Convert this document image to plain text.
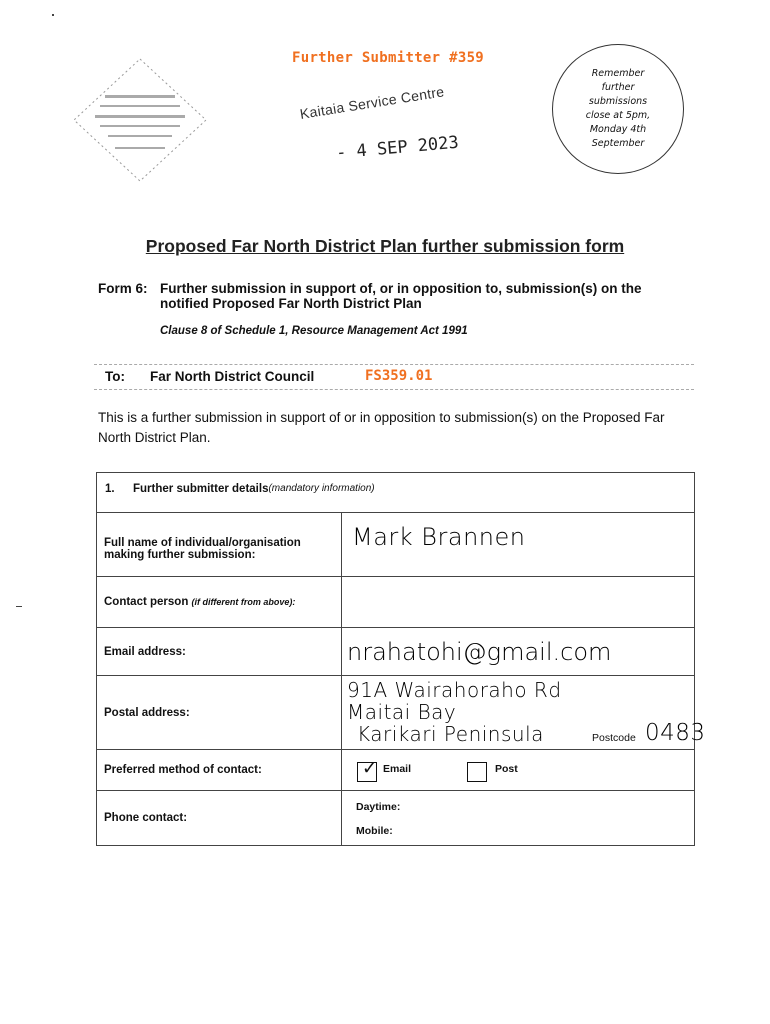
Further Submitter #359
Remember further submissions close at 5pm, Monday 4th September
Kaitaia Service Centre
- 4 SEP 2023
Proposed Far North District Plan further submission form
Form 6: Further submission in support of, or in opposition to, submission(s) on the
notified Proposed Far North District Plan
Clause 8 of Schedule 1, Resource Management Act 1991
To: Far North District Council	FS359.01
This is a further submission in support of or in opposition to submission(s) on the Proposed Far North District Plan.
1.	Further submitter details (mandatory information)
Full name of individual/organisation making further submission:
Mark Brannen
Contact person
(if different from above):
Email address:	nrahatohi@gmail.com
Postal address:
91A Wairahoraho Rd
Maitai Bay
Karikari Peninsula	Postcode 0483
Preferred method of contact:	✓ Email	Post
Phone contact:
Daytime:
Mobile:
